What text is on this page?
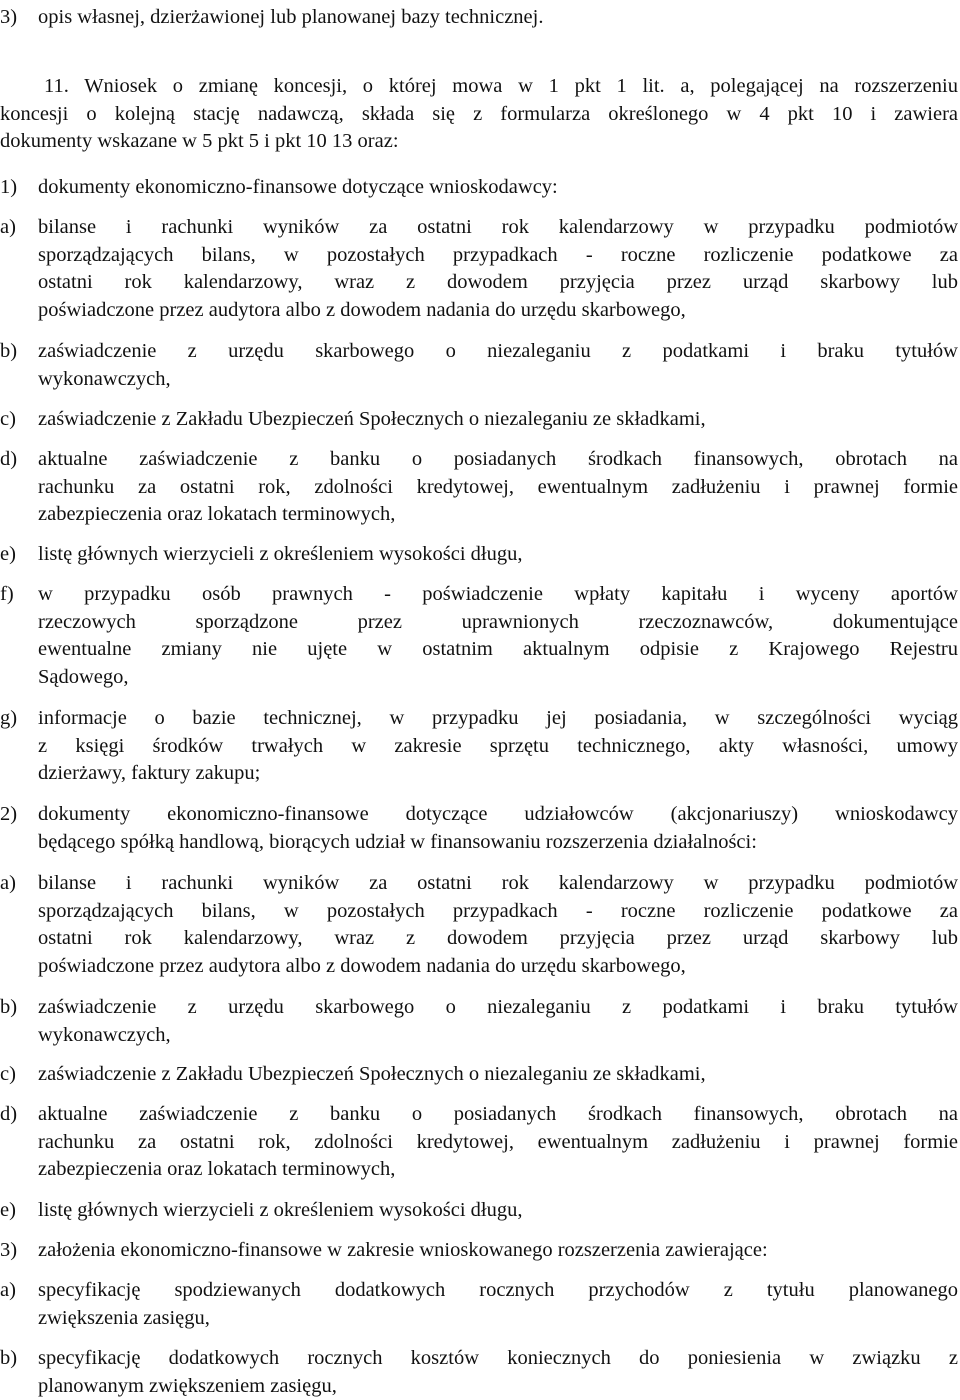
3) opis własnej, dzierżawionej lub planowanej bazy technicznej.
11. Wniosek o zmianę koncesji, o której mowa w 1 pkt 1 lit. a, polegającej na rozszerzeniu
koncesji o kolejną stację nadawczą, składa się z formularza określonego w 4 pkt 10 i zawiera
dokumenty wskazane w 5 pkt 5 i pkt 10 13 oraz:
1) dokumenty ekonomiczno-finansowe dotyczące wnioskodawcy:
a) bilanse i rachunki wyników za ostatni rok kalendarzowy w przypadku podmiotów
sporządzających bilans, w pozostałych przypadkach - roczne rozliczenie podatkowe za
ostatni rok kalendarzowy, wraz z dowodem przyjęcia przez urząd skarbowy lub
poświadczone przez audytora albo z dowodem nadania do urzędu skarbowego,
b) zaświadczenie z urzędu skarbowego o niezaleganiu z podatkami i braku tytułów
wykonawczych,
c) zaświadczenie z Zakładu Ubezpieczeń Społecznych o niezaleganiu ze składkami,
d) aktualne zaświadczenie z banku o posiadanych środkach finansowych, obrotach na
rachunku za ostatni rok, zdolności kredytowej, ewentualnym zadłużeniu i prawnej formie
zabezpieczenia oraz lokatach terminowych,
e) listę głównych wierzycieli z określeniem wysokości długu,
f) w przypadku osób prawnych - poświadczenie wpłaty kapitału i wyceny aportów
rzeczowych sporządzone przez uprawnionych rzeczoznawców, dokumentujące
ewentualne zmiany nie ujęte w ostatnim aktualnym odpisie z Krajowego Rejestru
Sądowego,
g) informacje o bazie technicznej, w przypadku jej posiadania, w szczególności wyciąg
z księgi środków trwałych w zakresie sprzętu technicznego, akty własności, umowy
dzierżawy, faktury zakupu;
2) dokumenty ekonomiczno-finansowe dotyczące udziałowców (akcjonariuszy) wnioskodawcy
będącego spółką handlową, biorących udział w finansowaniu rozszerzenia działalności:
a) bilanse i rachunki wyników za ostatni rok kalendarzowy w przypadku podmiotów
sporządzających bilans, w pozostałych przypadkach - roczne rozliczenie podatkowe za
ostatni rok kalendarzowy, wraz z dowodem przyjęcia przez urząd skarbowy lub
poświadczone przez audytora albo z dowodem nadania do urzędu skarbowego,
b) zaświadczenie z urzędu skarbowego o niezaleganiu z podatkami i braku tytułów
wykonawczych,
c) zaświadczenie z Zakładu Ubezpieczeń Społecznych o niezaleganiu ze składkami,
d) aktualne zaświadczenie z banku o posiadanych środkach finansowych, obrotach na
rachunku za ostatni rok, zdolności kredytowej, ewentualnym zadłużeniu i prawnej formie
zabezpieczenia oraz lokatach terminowych,
e) listę głównych wierzycieli z określeniem wysokości długu,
3) założenia ekonomiczno-finansowe w zakresie wnioskowanego rozszerzenia zawierające:
a) specyfikację spodziewanych dodatkowych rocznych przychodów z tytułu planowanego
zwiększenia zasięgu,
b) specyfikację dodatkowych rocznych kosztów koniecznych do poniesienia w związku z
planowanym zwiększeniem zasięgu,
